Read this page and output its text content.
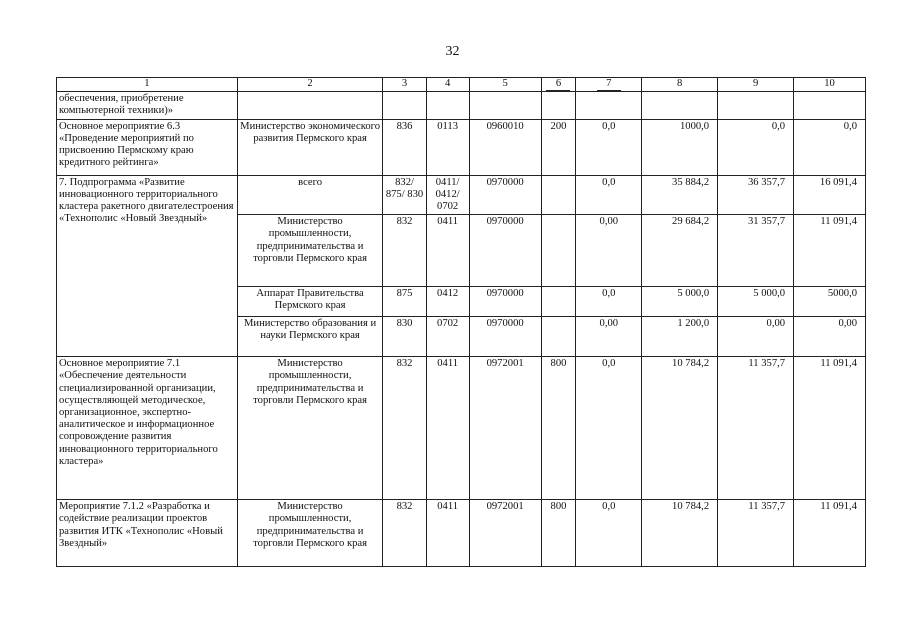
32
1	2	3	4	5	6	7	8	9	10
обеспечения, приобретение компьютерной техники)»									
Основное мероприятие 6.3 «Проведение мероприятий по присвоению Пермскому краю кредитного рейтинга»	Министерство экономического развития Пермского края	836	0113	0960010	200	0,0	1000,0	0,0	0,0
7. Подпрограмма «Развитие инновационного территориального кластера ракетного двигателестроения «Технополис «Новый Звездный»	всего	832/ 875/ 830	0411/ 0412/ 0702	0970000		0,0	35 884,2	36 357,7	16 091,4
	Министерство промышленности, предпринимательства и торговли Пермского края	832	0411	0970000		0,00	29 684,2	31 357,7	11 091,4
	Аппарат Правительства Пермского края	875	0412	0970000		0,0	5 000,0	5 000,0	5000,0
	Министерство образования и науки Пермского края	830	0702	0970000		0,00	1 200,0	0,00	0,00
Основное мероприятие 7.1 «Обеспечение деятельности специализированной организации, осуществляющей методическое, организационное, экспертно-аналитическое и информационное сопровождение развития инновационного территориального кластера»	Министерство промышленности, предпринимательства и торговли Пермского края	832	0411	0972001	800	0,0	10 784,2	11 357,7	11 091,4
Мероприятие 7.1.2 «Разработка и содействие реализации проектов развития ИТК «Технополис «Новый Звездный»	Министерство промышленности, предпринимательства и торговли Пермского края	832	0411	0972001	800	0,0	10 784,2	11 357,7	11 091,4
